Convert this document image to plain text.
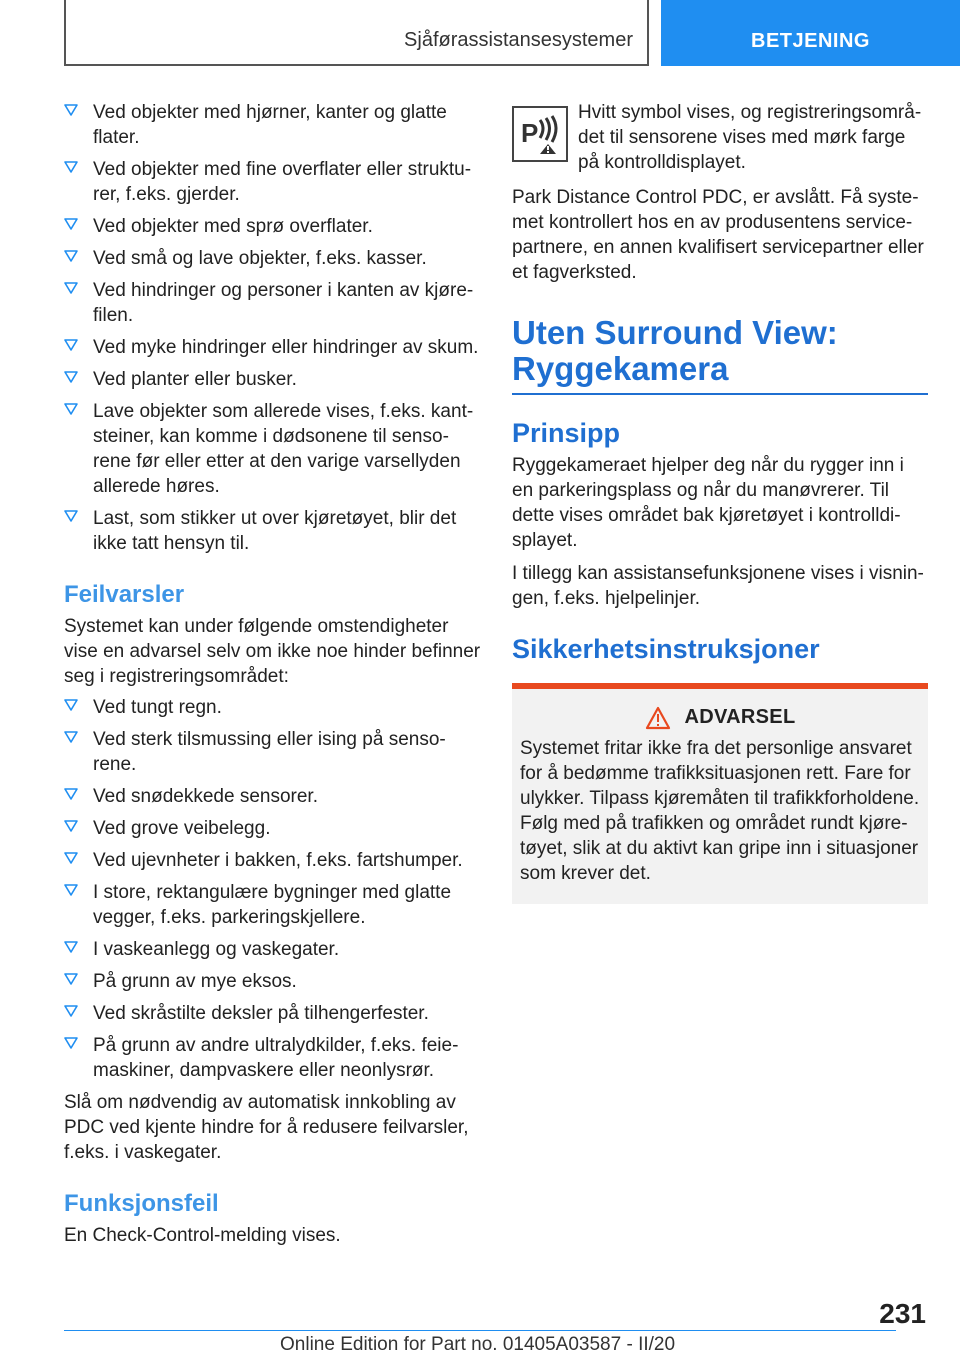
Sjåførassistansesystemer	BETJENING
Ved objekter med hjørner, kanter og glatte flater.
Ved objekter med fine overflater eller struktu-rer, f.eks. gjerder.
Ved objekter med sprø overflater.
Ved små og lave objekter, f.eks. kasser.
Ved hindringer og personer i kanten av kjøre-filen.
Ved myke hindringer eller hindringer av skum.
Ved planter eller busker.
Lave objekter som allerede vises, f.eks. kant-steiner, kan komme i dødsonene til senso-rene før eller etter at den varige varsellyden allerede høres.
Last, som stikker ut over kjøretøyet, blir det ikke tatt hensyn til.
Feilvarsler

Systemet kan under følgende omstendigheter vise en advarsel selv om ikke noe hinder befinner seg i registreringsområdet:

Ved tungt regn.
Ved sterk tilsmussing eller ising på senso-rene.
Ved snødekkede sensorer.
Ved grove veibelegg.
Ved ujevnheter i bakken, f.eks. fartshumper.
I store, rektangulære bygninger med glatte vegger, f.eks. parkeringskjellere.
I vaskeanlegg og vaskegater.
På grunn av mye eksos.
Ved skråstilte deksler på tilhengerfester.
På grunn av andre ultralydkilder, f.eks. feie-maskiner, dampvaskere eller neonlysrør.

Slå om nødvendig av automatisk innkobling av PDC ved kjente hindre for å redusere feilvarsler, f.eks. i vaskegater.

Funksjonsfeil

En Check-Control-melding vises.

P

Hvitt symbol vises, og registreringsområ-det til sensorene vises med mørk farge på kontrolldisplayet.

Park Distance Control PDC, er avslått. Få syste-met kontrollert hos en av produsentens service-partnere, en annen kvalifisert servicepartner eller et fagverksted.

Uten Surround View: Ryggekamera
Prinsipp

Ryggekameraet hjelper deg når du rygger inn i en parkeringsplass og når du manøvrerer. Til dette vises området bak kjøretøyet i kontrolldi-splayet.

I tillegg kan assistansefunksjonene vises i visnin-gen, f.eks. hjelpelinjer.

Sikkerhetsinstruksjoner
ADVARSEL

Systemet fritar ikke fra det personlige ansvaret for å bedømme trafikksituasjonen rett. Fare for ulykker. Tilpass kjøremåten til trafikkforholdene. Følg med på trafikken og området rundt kjøre-tøyet, slik at du aktivt kan gripe inn i situasjoner som krever det.

231
Online Edition for Part no. 01405A03587 - II/20
